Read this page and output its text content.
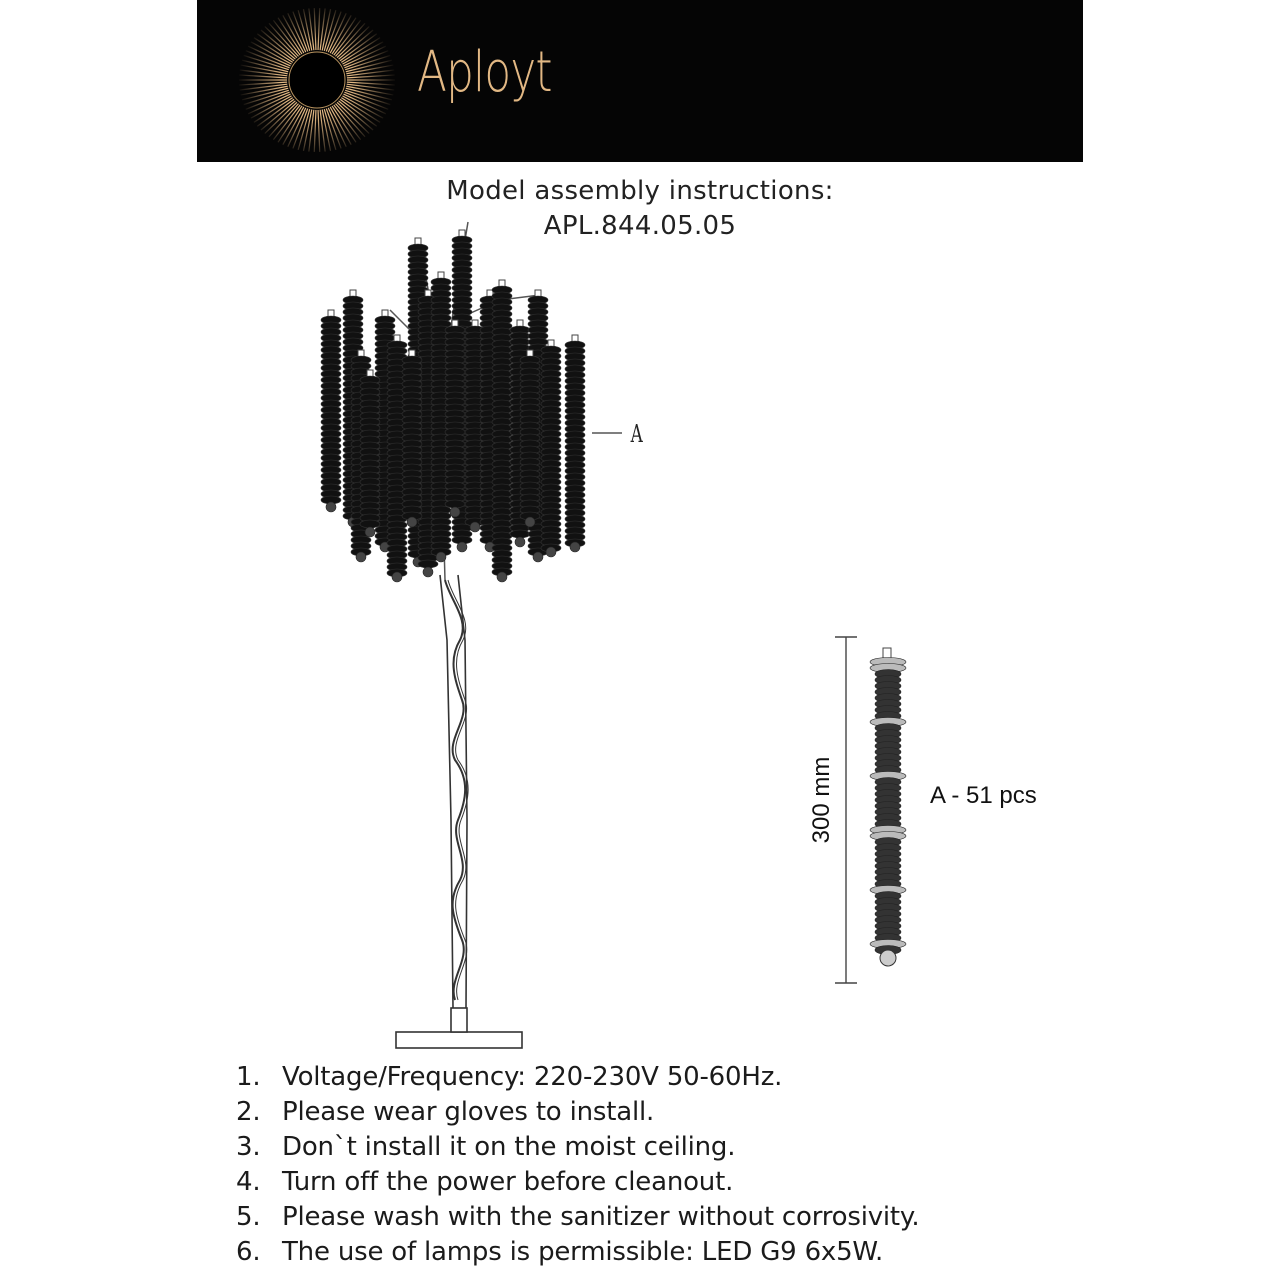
Aployt
Model assembly instructions:
APL.844.05.05
A
300 mm	A - 51 pcs
1. Voltage/Frequency: 220-230V 50-60Hz.
2. Please wear gloves to install.
3. Don`t install it on the moist ceiling.
4. Turn off the power before cleanout.
5. Please wash with the sanitizer without corrosivity.
6. The use of lamps is permissible: LED G9 6x5W.
